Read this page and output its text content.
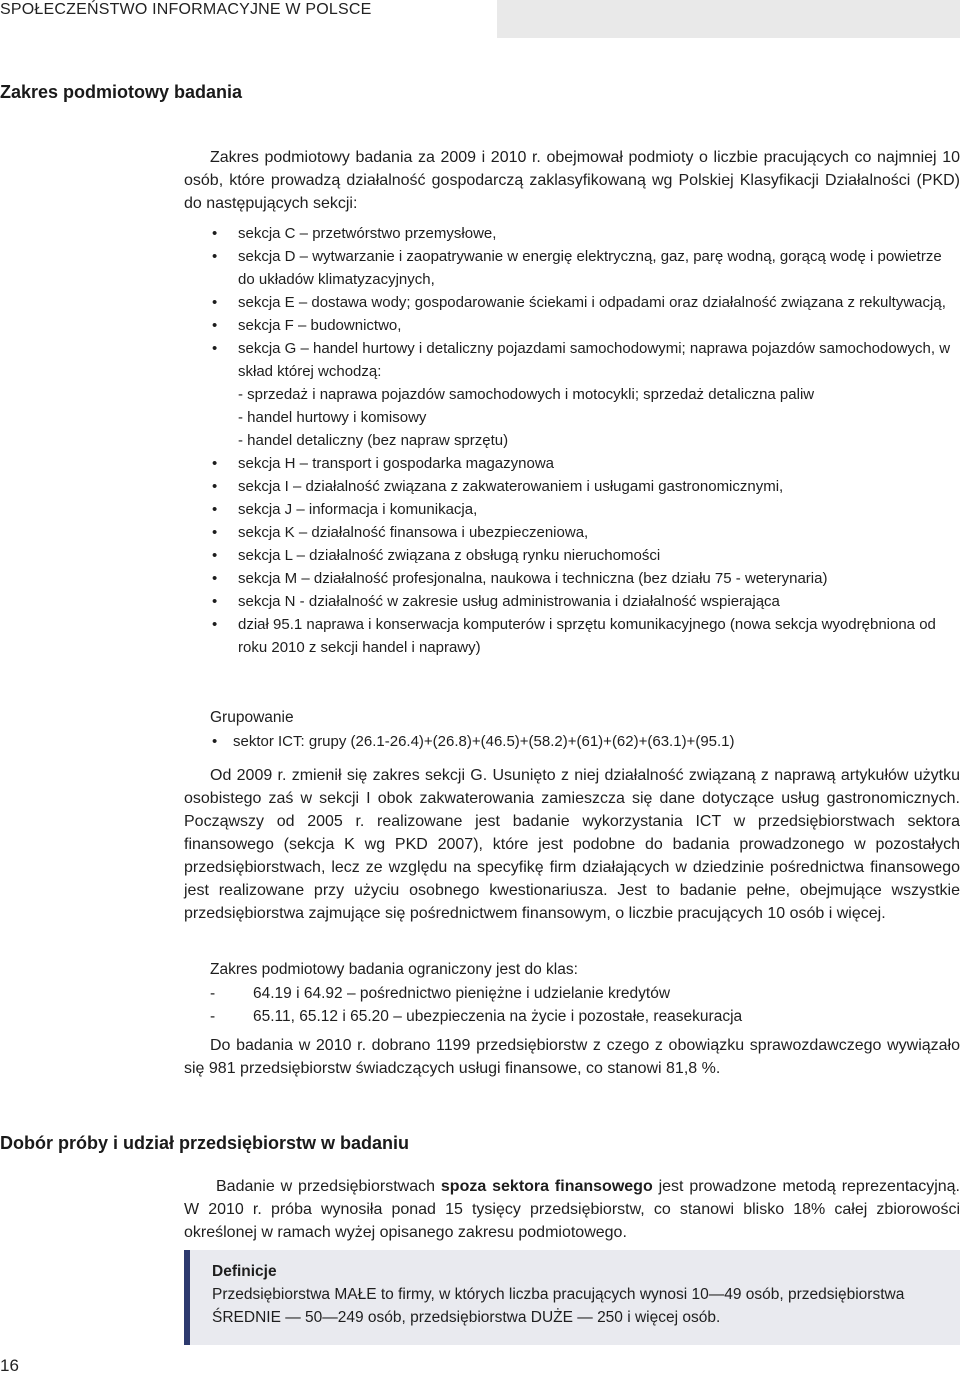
SPOŁECZEŃSTWO INFORMACYJNE W POLSCE
Zakres podmiotowy badania
Zakres podmiotowy badania za 2009 i 2010 r. obejmował podmioty o liczbie pracujących co najmniej 10 osób, które prowadzą działalność gospodarczą zaklasyfikowaną wg Polskiej Klasyfikacji Działalności (PKD) do następujących sekcji:
• sekcja C – przetwórstwo przemysłowe,
• sekcja D – wytwarzanie i zaopatrywanie w energię elektryczną, gaz, parę wodną, gorącą wodę i powietrze do układów klimatyzacyjnych,
• sekcja E – dostawa wody; gospodarowanie ściekami i odpadami oraz działalność związana z rekultywacją,
• sekcja F – budownictwo,
• sekcja G – handel hurtowy i detaliczny pojazdami samochodowymi; naprawa pojazdów samochodowych, w skład której wchodzą:
- sprzedaż i naprawa pojazdów samochodowych i motocykli; sprzedaż detaliczna paliw
- handel hurtowy i komisowy
- handel detaliczny (bez napraw sprzętu)
• sekcja H – transport i gospodarka magazynowa
• sekcja I – działalność związana z zakwaterowaniem i usługami gastronomicznymi,
• sekcja J – informacja i komunikacja,
• sekcja K – działalność finansowa i ubezpieczeniowa,
• sekcja L – działalność związana z obsługą rynku nieruchomości
• sekcja M – działalność profesjonalna, naukowa i techniczna (bez działu 75 - weterynaria)
• sekcja N - działalność w zakresie usług administrowania i działalność wspierająca
• dział 95.1 naprawa i konserwacja komputerów i sprzętu komunikacyjnego (nowa sekcja wyodrębniona od roku 2010 z sekcji handel i naprawy)
Grupowanie
• sektor ICT: grupy (26.1-26.4)+(26.8)+(46.5)+(58.2)+(61)+(62)+(63.1)+(95.1)
Od 2009 r. zmienił się zakres sekcji G. Usunięto z niej działalność związaną z naprawą artykułów użytku osobistego zaś w sekcji I obok zakwaterowania zamieszcza się dane dotyczące usług gastronomicznych. Począwszy od 2005 r. realizowane jest badanie wykorzystania ICT w przedsiębiorstwach sektora finansowego (sekcja K wg PKD 2007), które jest podobne do badania prowadzonego w pozostałych przedsiębiorstwach, lecz ze względu na specyfikę firm działających w dziedzinie pośrednictwa finansowego jest realizowane przy użyciu osobnego kwestionariusza. Jest to badanie pełne, obejmujące wszystkie przedsiębiorstwa zajmujące się pośrednictwem finansowym, o liczbie pracujących 10 osób i więcej.
Zakres podmiotowy badania ograniczony jest do klas:
- 64.19 i 64.92 – pośrednictwo pieniężne i udzielanie kredytów
- 65.11, 65.12 i 65.20 – ubezpieczenia na życie i pozostałe, reasekuracja
Do badania w 2010 r. dobrano 1199 przedsiębiorstw z czego z obowiązku sprawozdawczego wywiązało się 981 przedsiębiorstw świadczących usługi finansowe, co stanowi 81,8 %.
Dobór próby i udział przedsiębiorstw w badaniu
Badanie w przedsiębiorstwach spoza sektora finansowego jest prowadzone metodą reprezentacyjną. W 2010 r. próba wynosiła ponad 15 tysięcy przedsiębiorstw, co stanowi blisko 18% całej zbiorowości określonej w ramach wyżej opisanego zakresu podmiotowego.
Definicje
Przedsiębiorstwa MAŁE to firmy, w których liczba pracujących wynosi 10—49 osób, przedsiębiorstwa ŚREDNIE — 50—249 osób, przedsiębiorstwa DUŻE — 250 i więcej osób.
16
